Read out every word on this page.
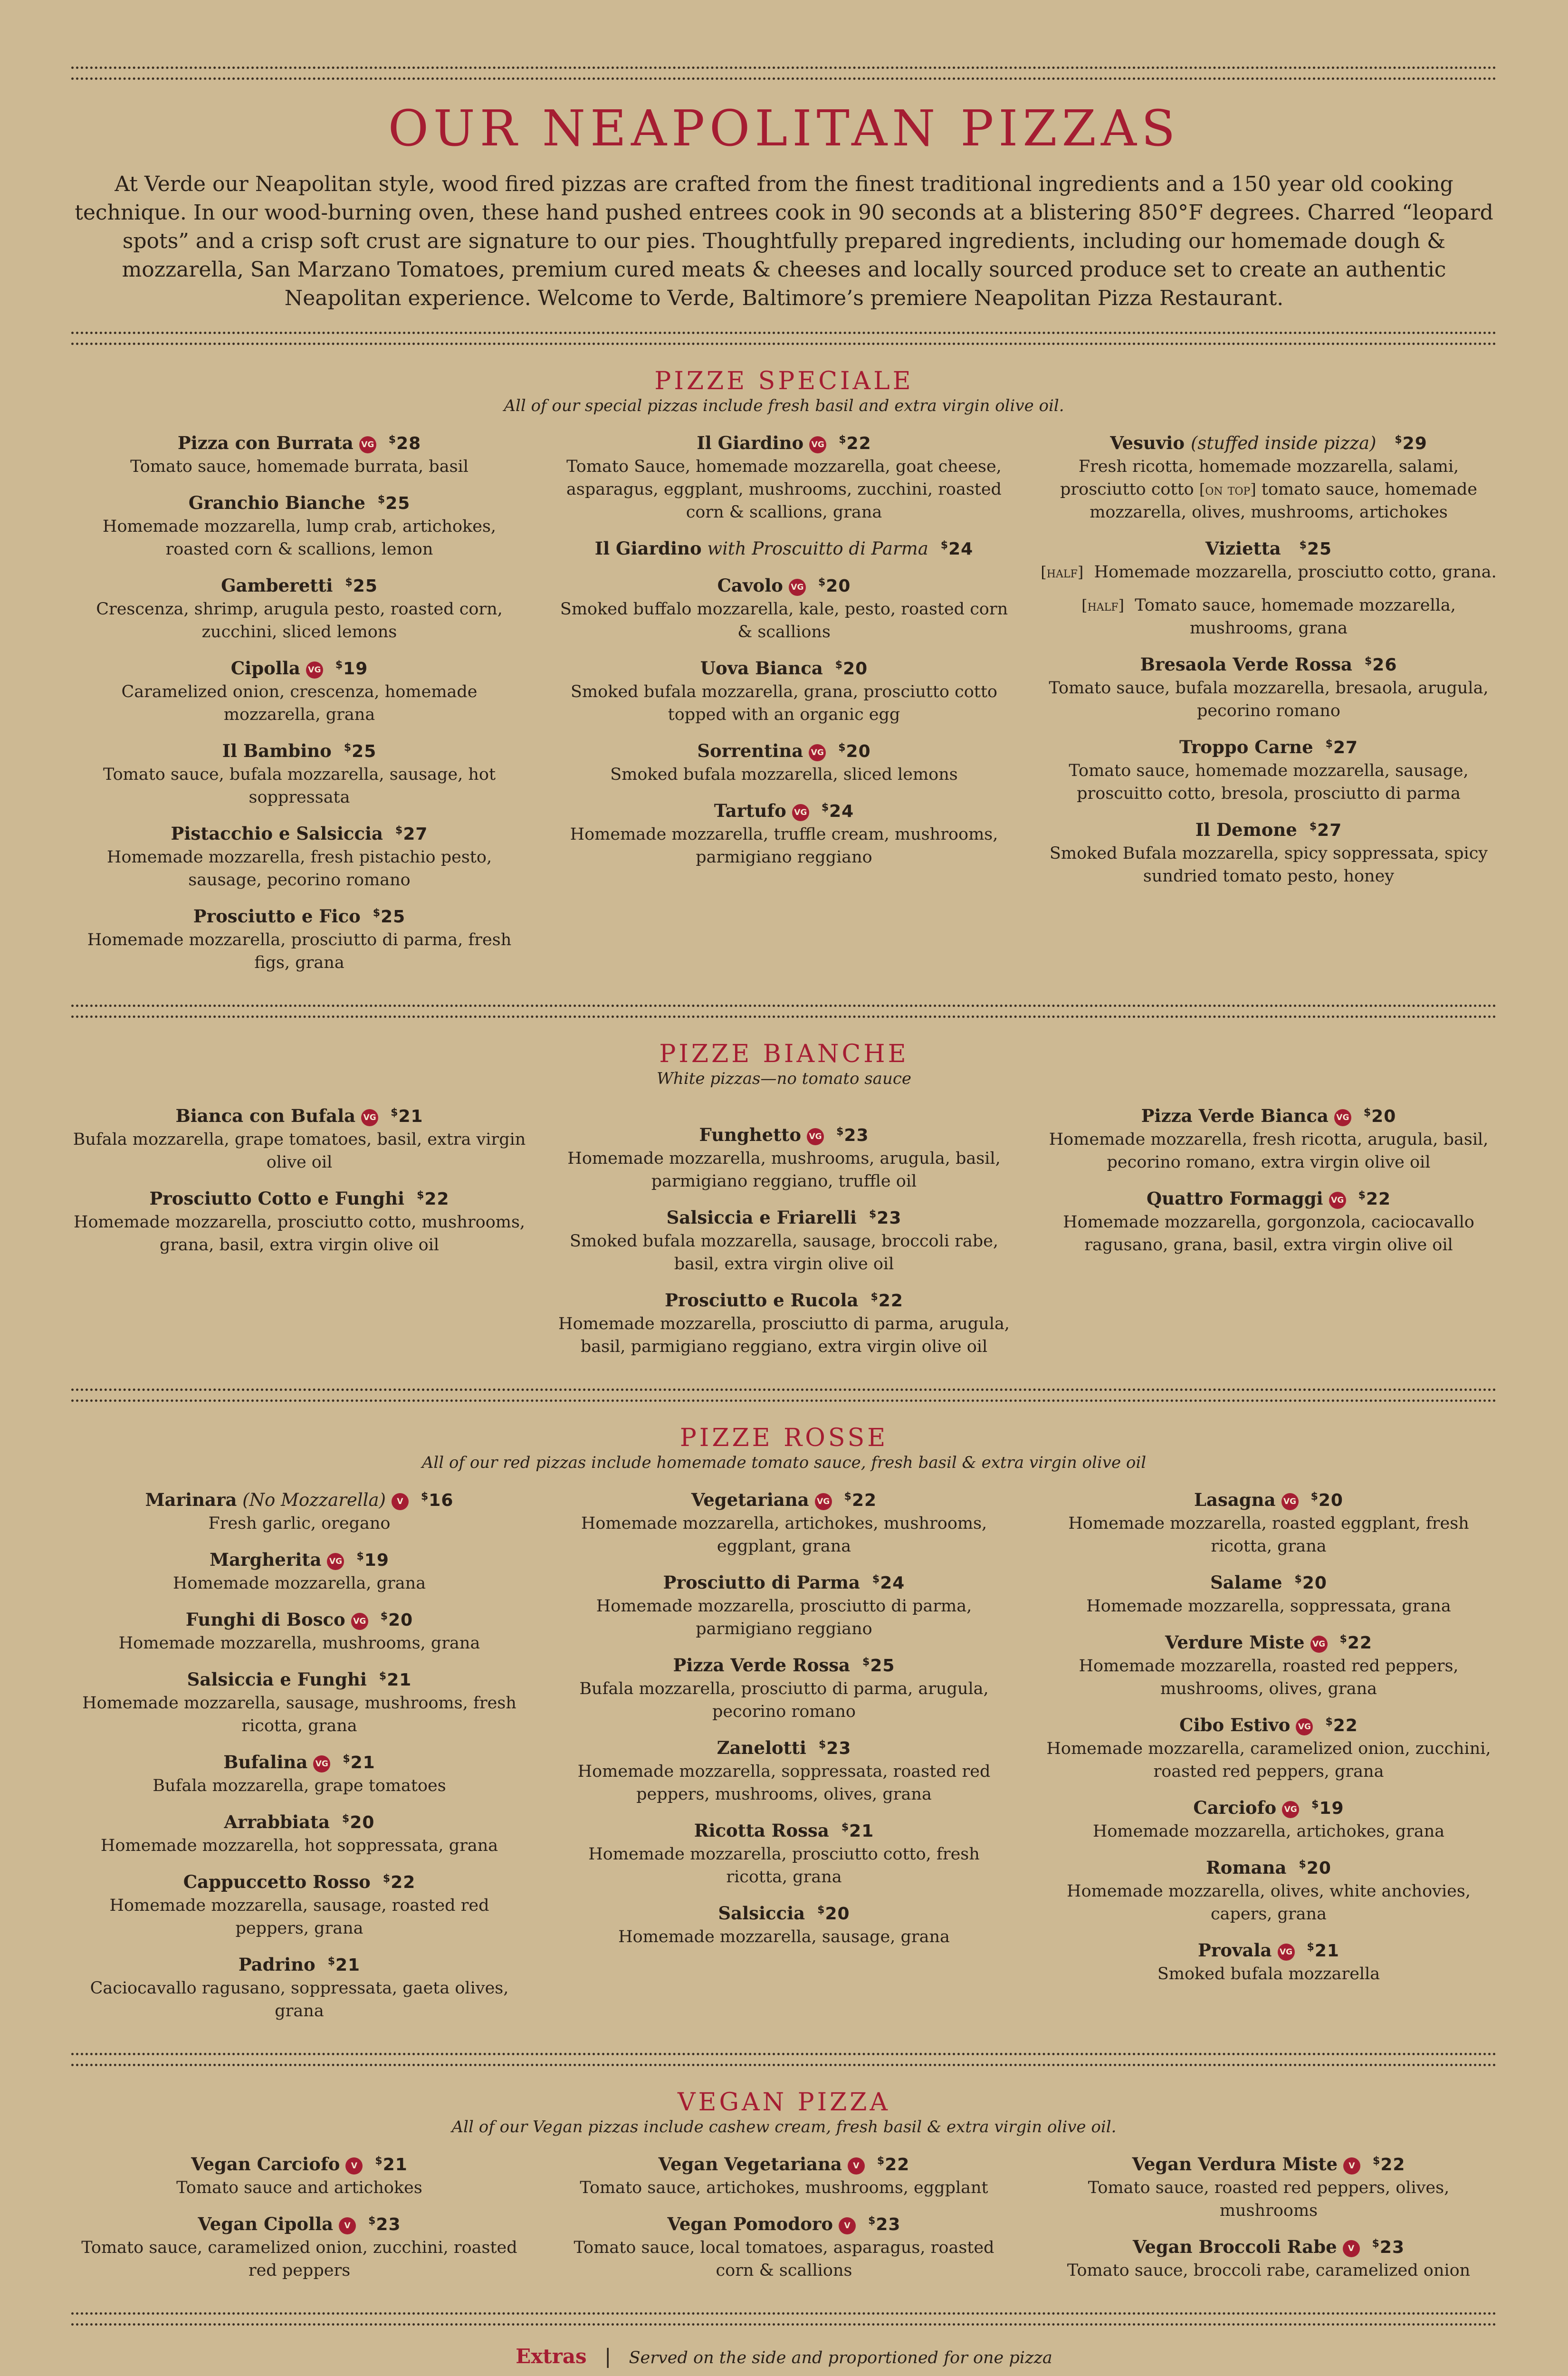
OUR NEAPOLITAN PIZZAS

At Verde our Neapolitan style, wood fired pizzas are crafted from the finest traditional ingredients and a 150 year old cooking technique. In our wood-burning oven, these hand pushed entrees cook in 90 seconds at a blistering 850°F degrees. Charred “leopard spots” and a crisp soft crust are signature to our pies. Thoughtfully prepared ingredients, including our homemade dough & mozzarella, San Marzano Tomatoes, premium cured meats & cheeses and locally sourced produce set to create an authentic Neapolitan experience. Welcome to Verde, Baltimore’s premiere Neapolitan Pizza Restaurant.

PIZZE SPECIALE
All of our special pizzas include fresh basil and extra virgin olive oil.
Pizza con Burrata VG $28
Tomato sauce, homemade burrata, basil
Granchio Bianche $25
Homemade mozzarella, lump crab, artichokes, roasted corn & scallions, lemon
Gamberetti $25
Crescenza, shrimp, arugula pesto, roasted corn, zucchini, sliced lemons
Cipolla VG $19
Caramelized onion, crescenza, homemade mozzarella, grana
Il Bambino $25
Tomato sauce, bufala mozzarella, sausage, hot soppressata
Pistacchio e Salsiccia $27
Homemade mozzarella, fresh pistachio pesto, sausage, pecorino romano
Prosciutto e Fico $25
Homemade mozzarella, prosciutto di parma, fresh figs, grana
Il Giardino VG $22
Tomato Sauce, homemade mozzarella, goat cheese, asparagus, eggplant, mushrooms, zucchini, roasted corn & scallions, grana
Il Giardino with Proscuitto di Parma $24
Cavolo VG $20
Smoked buffalo mozzarella, kale, pesto, roasted corn & scallions
Uova Bianca $20
Smoked bufala mozzarella, grana, prosciutto cotto topped with an organic egg
Sorrentina VG $20
Smoked bufala mozzarella, sliced lemons
Tartufo VG $24
Homemade mozzarella, truffle cream, mushrooms, parmigiano reggiano
Vesuvio (stuffed inside pizza) $29
Fresh ricotta, homemade mozzarella, salami, prosciutto cotto [on top] tomato sauce, homemade mozzarella, olives, mushrooms, artichokes
Vizietta $25
[half] Homemade mozzarella, prosciutto cotto, grana.
[half] Tomato sauce, homemade mozzarella, mushrooms, grana
Bresaola Verde Rossa $26
Tomato sauce, bufala mozzarella, bresaola, arugula, pecorino romano
Troppo Carne $27
Tomato sauce, homemade mozzarella, sausage, proscuitto cotto, bresola, prosciutto di parma
Il Demone $27
Smoked Bufala mozzarella, spicy soppressata, spicy sundried tomato pesto, honey
PIZZE BIANCHE
White pizzas—no tomato sauce
Bianca con Bufala VG $21
Bufala mozzarella, grape tomatoes, basil, extra virgin olive oil
Prosciutto Cotto e Funghi $22
Homemade mozzarella, prosciutto cotto, mushrooms, grana, basil, extra virgin olive oil
Funghetto VG $23
Homemade mozzarella, mushrooms, arugula, basil, parmigiano reggiano, truffle oil
Salsiccia e Friarelli $23
Smoked bufala mozzarella, sausage, broccoli rabe, basil, extra virgin olive oil
Prosciutto e Rucola $22
Homemade mozzarella, prosciutto di parma, arugula, basil, parmigiano reggiano, extra virgin olive oil
Pizza Verde Bianca VG $20
Homemade mozzarella, fresh ricotta, arugula, basil, pecorino romano, extra virgin olive oil
Quattro Formaggi VG $22
Homemade mozzarella, gorgonzola, caciocavallo ragusano, grana, basil, extra virgin olive oil
PIZZE ROSSE
All of our red pizzas include homemade tomato sauce, fresh basil & extra virgin olive oil
Marinara (No Mozzarella) V $16
Fresh garlic, oregano
Margherita VG $19
Homemade mozzarella, grana
Funghi di Bosco VG $20
Homemade mozzarella, mushrooms, grana
Salsiccia e Funghi $21
Homemade mozzarella, sausage, mushrooms, fresh ricotta, grana
Bufalina VG $21
Bufala mozzarella, grape tomatoes
Arrabbiata $20
Homemade mozzarella, hot soppressata, grana
Cappuccetto Rosso $22
Homemade mozzarella, sausage, roasted red peppers, grana
Padrino $21
Caciocavallo ragusano, soppressata, gaeta olives, grana
Vegetariana VG $22
Homemade mozzarella, artichokes, mushrooms, eggplant, grana
Prosciutto di Parma $24
Homemade mozzarella, prosciutto di parma, parmigiano reggiano
Pizza Verde Rossa $25
Bufala mozzarella, prosciutto di parma, arugula, pecorino romano
Zanelotti $23
Homemade mozzarella, soppressata, roasted red peppers, mushrooms, olives, grana
Ricotta Rossa $21
Homemade mozzarella, prosciutto cotto, fresh ricotta, grana
Salsiccia $20
Homemade mozzarella, sausage, grana
Lasagna VG $20
Homemade mozzarella, roasted eggplant, fresh ricotta, grana
Salame $20
Homemade mozzarella, soppressata, grana
Verdure Miste VG $22
Homemade mozzarella, roasted red peppers, mushrooms, olives, grana
Cibo Estivo VG $22
Homemade mozzarella, caramelized onion, zucchini, roasted red peppers, grana
Carciofo VG $19
Homemade mozzarella, artichokes, grana
Romana $20
Homemade mozzarella, olives, white anchovies, capers, grana
Provala VG $21
Smoked bufala mozzarella
VEGAN PIZZA
All of our Vegan pizzas include cashew cream, fresh basil & extra virgin olive oil.
Vegan Carciofo V $21
Tomato sauce and artichokes
Vegan Cipolla V $23
Tomato sauce, caramelized onion, zucchini, roasted red peppers
Vegan Vegetariana V $22
Tomato sauce, artichokes, mushrooms, eggplant
Vegan Pomodoro V $23
Tomato sauce, local tomatoes, asparagus, roasted corn & scallions
Vegan Verdura Miste V $22
Tomato sauce, roasted red peppers, olives, mushrooms
Vegan Broccoli Rabe V $23
Tomato sauce, broccoli rabe, caramelized onion
Extras | Served on the side and proportioned for one pizza
